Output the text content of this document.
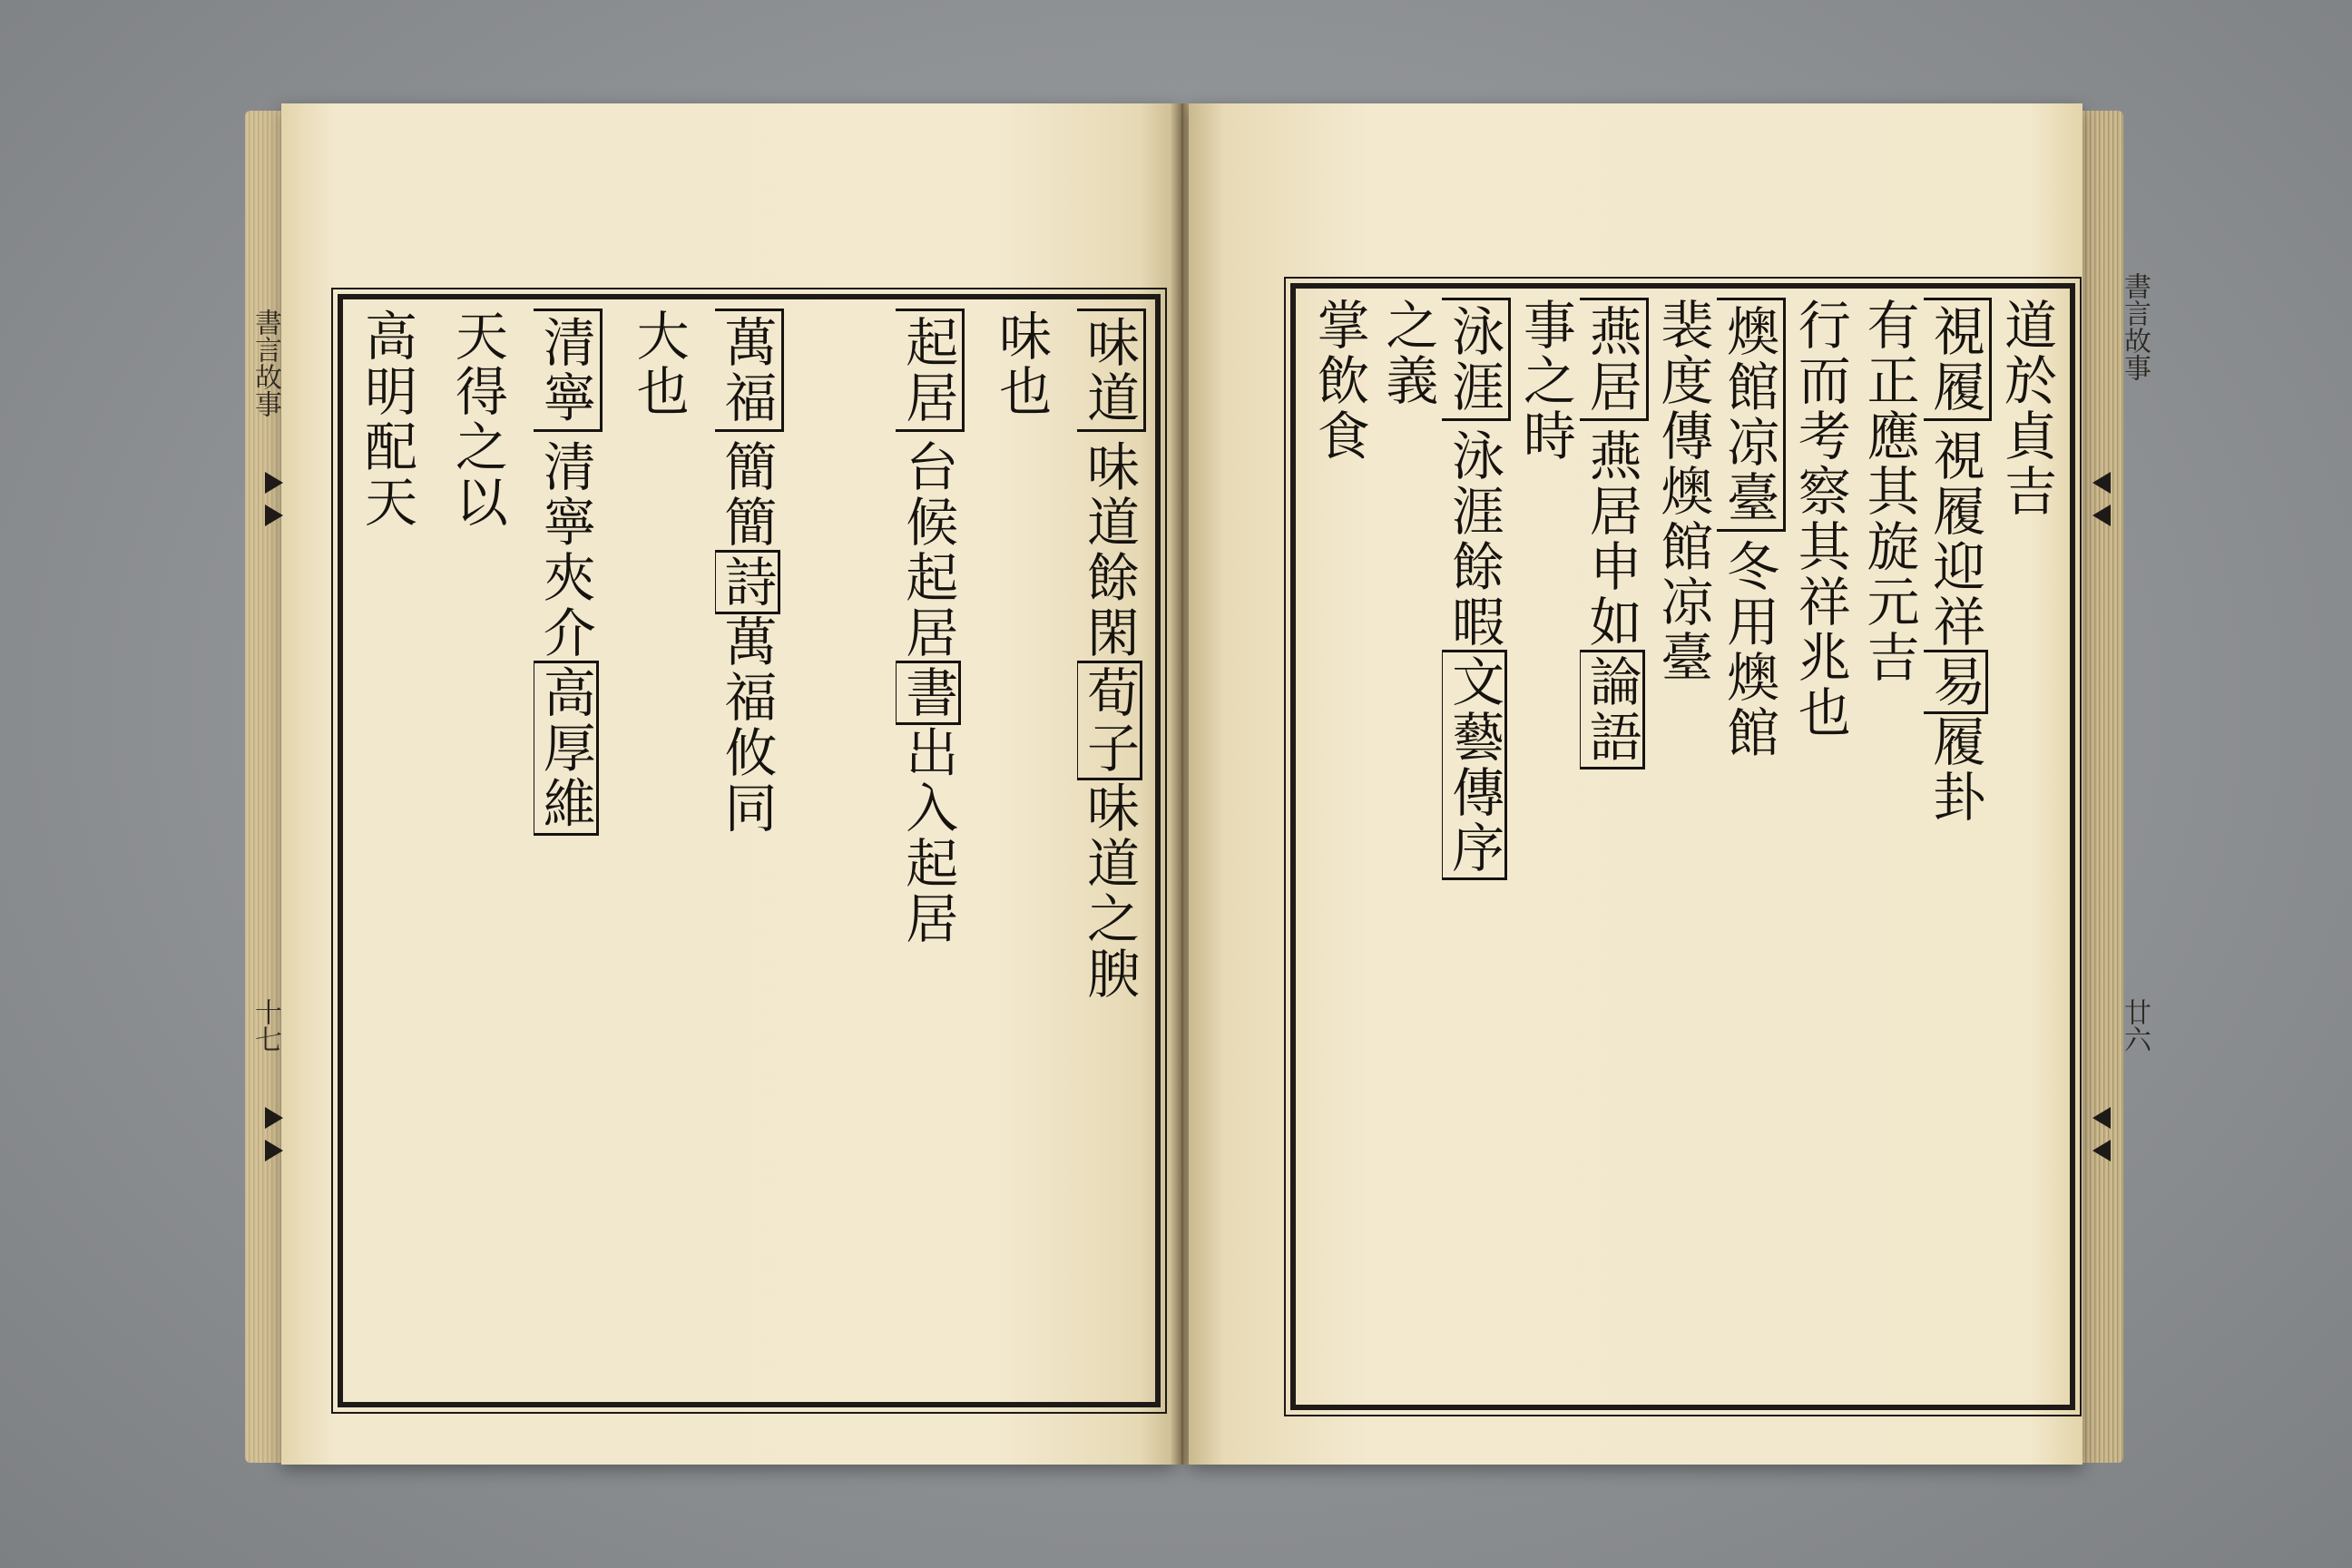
味道味道餘閑荀子味道之腴
味也
起居台候起居書出入起居
萬福簡簡詩萬福攸同
大也
清寧清寧夾介高厚維
天得之以
高明配天	道於貞吉
視履視履迎祥易履卦
有正應其旋元吉
行而考察其祥兆也
燠館凉臺冬用燠館
裴度傳燠館凉臺
燕居燕居申如論語
事之時
泳涯泳涯餘暇文藝傳序
之義
掌飲食
書言故事
十七
書言故事
廿六
